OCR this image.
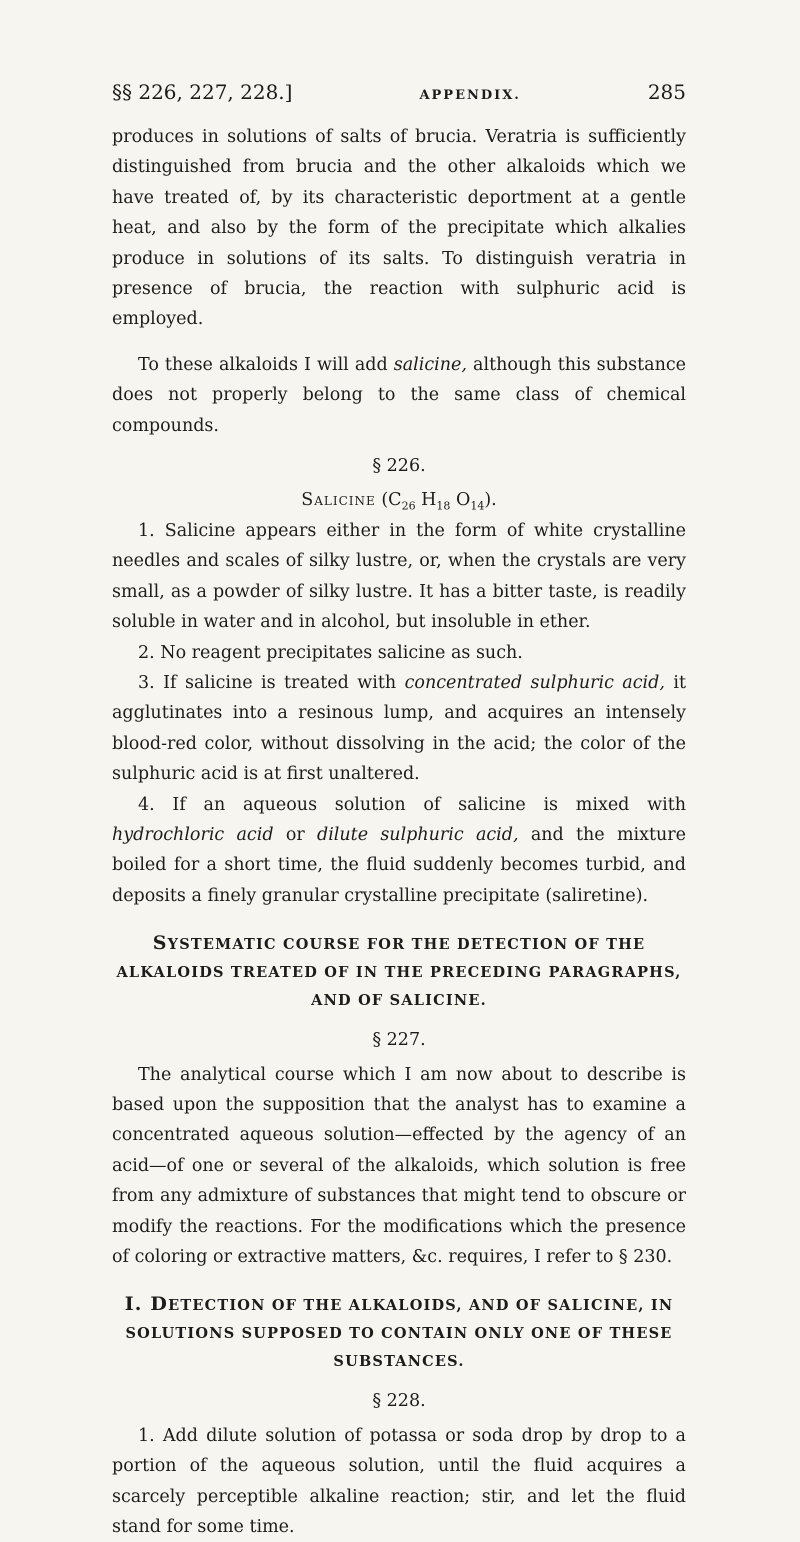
§§ 226, 227, 228.]	APPENDIX.	285

produces in solutions of salts of brucia. Veratria is sufficiently distinguished from brucia and the other alkaloids which we have treated of, by its characteristic deportment at a gentle heat, and also by the form of the precipitate which alkalies produce in solutions of its salts. To distinguish veratria in presence of brucia, the reaction with sulphuric acid is employed.

To these alkaloids I will add salicine, although this substance does not properly belong to the same class of chemical compounds.

§ 226.

Salicine ($C_{26}$ $H_{18}$ $O_{14}$).

1. Salicine appears either in the form of white crystalline needles and scales of silky lustre, or, when the crystals are very small, as a powder of silky lustre. It has a bitter taste, is readily soluble in water and in alcohol, but insoluble in ether.

2. No reagent precipitates salicine as such.

3. If salicine is treated with concentrated sulphuric acid, it agglutinates into a resinous lump, and acquires an intensely blood-red color, without dissolving in the acid; the color of the sulphuric acid is at first unaltered.

4. If an aqueous solution of salicine is mixed with hydrochloric acid or dilute sulphuric acid, and the mixture boiled for a short time, the fluid suddenly becomes turbid, and deposits a finely granular crystalline precipitate (saliretine).

SYSTEMATIC COURSE FOR THE DETECTION OF THE ALKALOIDS TREATED OF IN THE PRECEDING PARAGRAPHS, AND OF SALICINE.

§ 227.

The analytical course which I am now about to describe is based upon the supposition that the analyst has to examine a concentrated aqueous solution—effected by the agency of an acid—of one or several of the alkaloids, which solution is free from any admixture of substances that might tend to obscure or modify the reactions. For the modifications which the presence of coloring or extractive matters, &c. requires, I refer to § 230.

I. DETECTION OF THE ALKALOIDS, AND OF SALICINE, IN SOLUTIONS SUPPOSED TO CONTAIN ONLY ONE OF THESE SUBSTANCES.

§ 228.

1. Add dilute solution of potassa or soda drop by drop to a portion of the aqueous solution, until the fluid acquires a scarcely perceptible alkaline reaction; stir, and let the fluid stand for some time.
